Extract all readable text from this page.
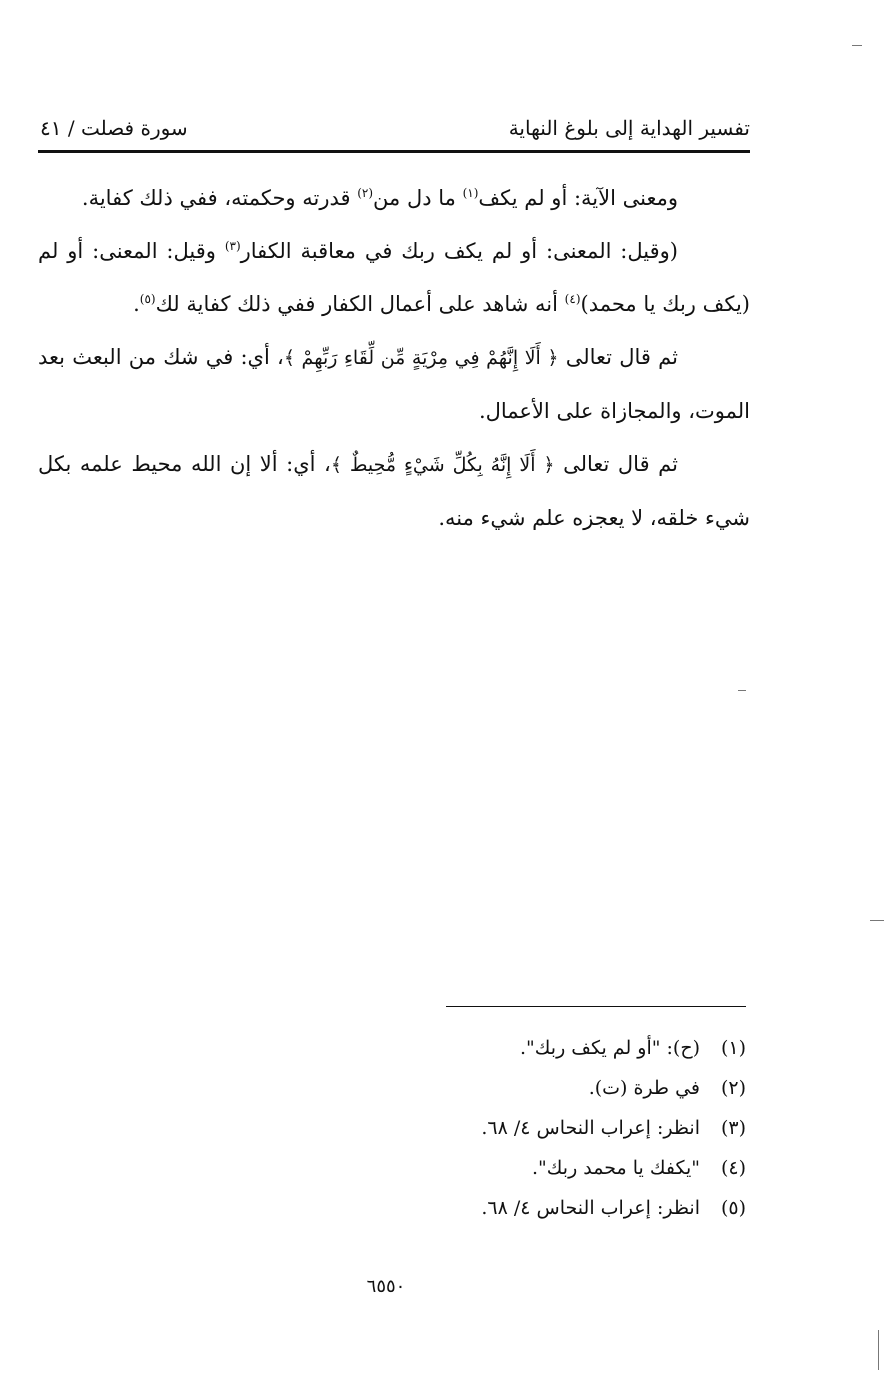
تفسير الهداية إلى بلوغ النهاية
سورة فصلت / ٤١

ومعنى الآية: أو لم يكف$^{(١)}$ ما دل من$^{(٢)}$ قدرته وحكمته، ففي ذلك كفاية.

(وقيل: المعنى: أو لم يكف ربك في معاقبة الكفار$^{(٣)}$ وقيل: المعنى: أو لم (يكف ربك يا محمد)$^{(٤)}$ أنه شاهد على أعمال الكفار ففي ذلك كفاية لك$^{(٥)}$.

ثم قال تعالى ﴿ أَلَا إِنَّهُمْ فِي مِرْيَةٍ مِّن لِّقَاءِ رَبِّهِمْ ﴾، أي: في شك من البعث بعد الموت، والمجازاة على الأعمال.

ثم قال تعالى ﴿ أَلَا إِنَّهُ بِكُلِّ شَيْءٍ مُّحِيطٌ ﴾، أي: ألا إن الله محيط علمه بكل شيء خلقه، لا يعجزه علم شيء منه.

(١)
(ح): "أو لم يكف ربك".
(٢)
في طرة (ت).
(٣)
انظر: إعراب النحاس ٤/ ٦٨.
(٤)
"يكفك يا محمد ربك".
(٥)
انظر: إعراب النحاس ٤/ ٦٨.
٦٥٥٠
